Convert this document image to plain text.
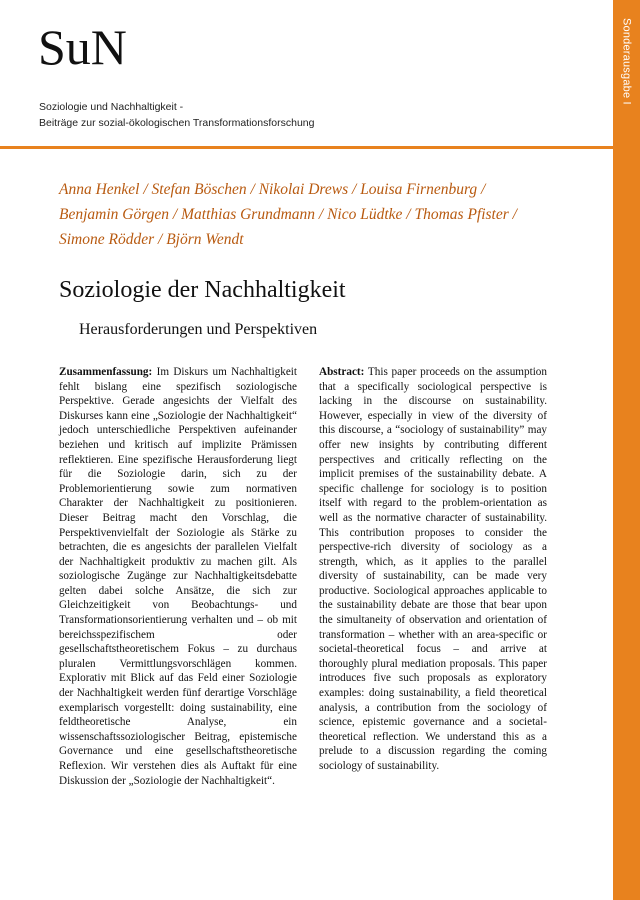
SuN
Soziologie und Nachhaltigkeit -
Beiträge zur sozial-ökologischen Transformationsforschung
Sonderausgabe I
Anna Henkel / Stefan Böschen / Nikolai Drews / Louisa Firnenburg /
Benjamin Görgen / Matthias Grundmann / Nico Lüdtke / Thomas Pfister /
Simone Rödder / Björn Wendt
Soziologie der Nachhaltigkeit
Herausforderungen und Perspektiven
Zusammenfassung: Im Diskurs um Nachhaltigkeit fehlt bislang eine spezifisch soziologische Perspektive. Gerade angesichts der Vielfalt des Diskurses kann eine „Soziologie der Nachhaltigkeit“ jedoch unterschiedliche Perspektiven aufeinander beziehen und kritisch auf implizite Prämissen reflektieren. Eine spezifische Herausforderung liegt für die Soziologie darin, sich zu der Problemorientierung sowie zum normativen Charakter der Nachhaltigkeit zu positionieren. Dieser Beitrag macht den Vorschlag, die Perspektivenvielfalt der Soziologie als Stärke zu betrachten, die es angesichts der parallelen Vielfalt der Nachhaltigkeit produktiv zu machen gilt. Als soziologische Zugänge zur Nachhaltigkeitsdebatte gelten dabei solche Ansätze, die sich zur Gleichzeitigkeit von Beobachtungs- und Transformationsorientierung verhalten und – ob mit bereichsspezifischem oder gesellschaftstheoretischem Fokus – zu durchaus pluralen Vermittlungsvorschlägen kommen. Explorativ mit Blick auf das Feld einer Soziologie der Nachhaltigkeit werden fünf derartige Vorschläge exemplarisch vorgestellt: doing sustainability, eine feldtheoretische Analyse, ein wissenschaftssoziologischer Beitrag, epistemische Governance und eine gesellschaftstheoretische Reflexion. Wir verstehen dies als Auftakt für eine Diskussion der „Soziologie der Nachhaltigkeit“.
Abstract: This paper proceeds on the assumption that a specifically sociological perspective is lacking in the discourse on sustainability. However, especially in view of the diversity of this discourse, a “sociology of sustainability” may offer new insights by contributing different perspectives and critically reflecting on the implicit premises of the sustainability debate. A specific challenge for sociology is to position itself with regard to the problem-orientation as well as the normative character of sustainability. This contribution proposes to consider the perspective-rich diversity of sociology as a strength, which, as it applies to the parallel diversity of sustainability, can be made very productive. Sociological approaches applicable to the sustainability debate are those that bear upon the simultaneity of observation and orientation of transformation – whether with an area-specific or societal-theoretical focus – and arrive at thoroughly plural mediation proposals. This paper introduces five such proposals as exploratory examples: doing sustainability, a field theoretical analysis, a contribution from the sociology of science, epistemic governance and a societal-theoretical reflection. We understand this as a prelude to a discussion regarding the coming sociology of sustainability.
